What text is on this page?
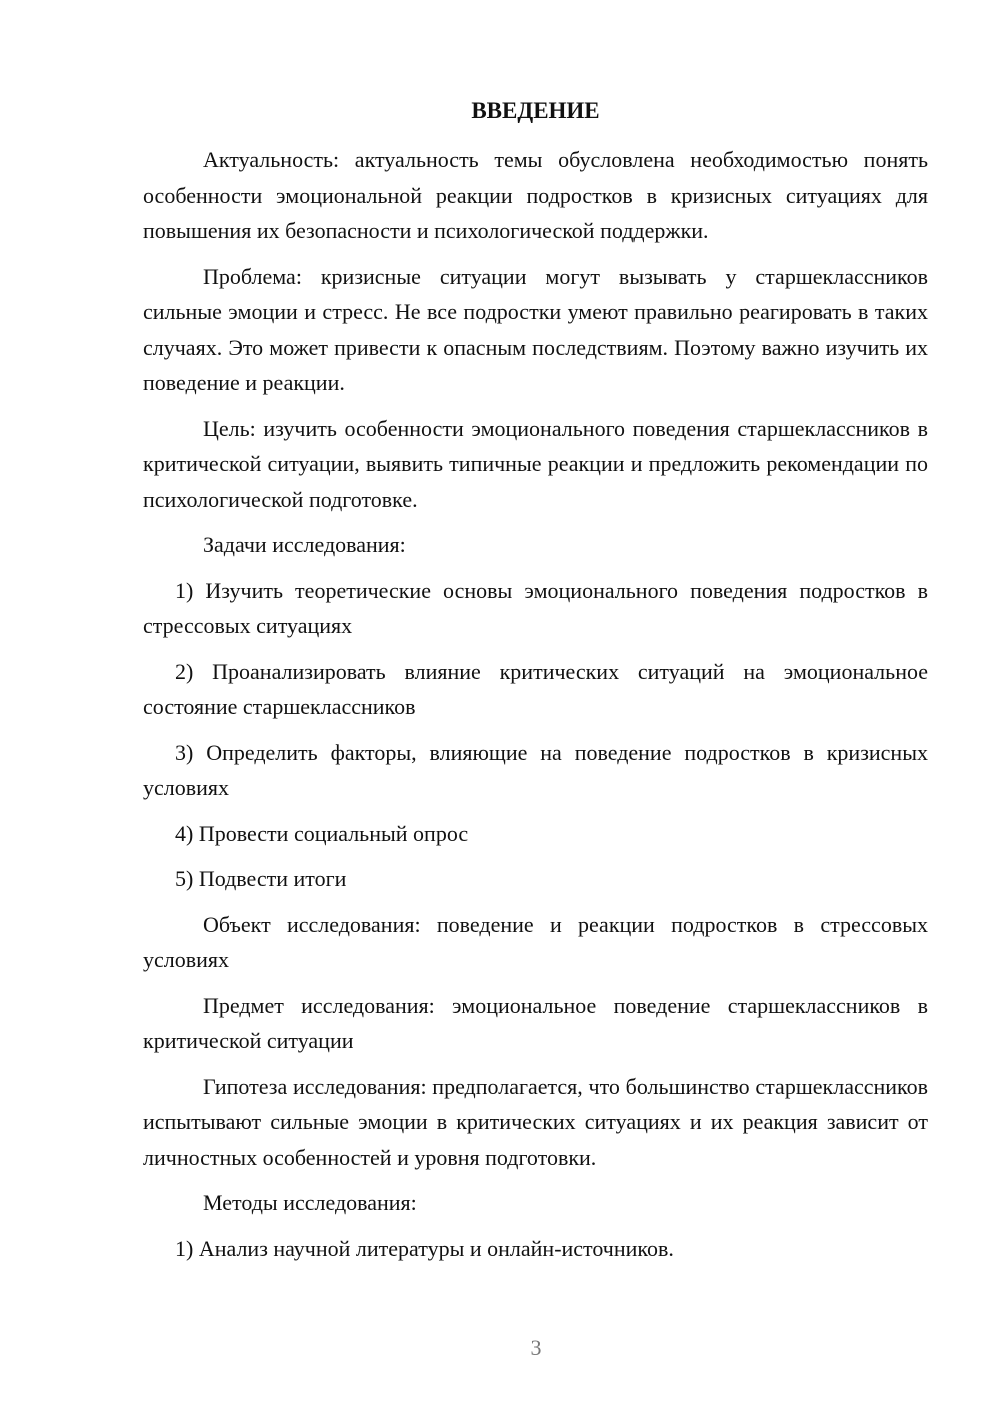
ВВЕДЕНИЕ

Актуальность: актуальность темы обусловлена необходимостью понять особенности эмоциональной реакции подростков в кризисных ситуациях для повышения их безопасности и психологической поддержки.

Проблема: кризисные ситуации могут вызывать у старшеклассников сильные эмоции и стресс. Не все подростки умеют правильно реагировать в таких случаях. Это может привести к опасным последствиям. Поэтому важно изучить их поведение и реакции.

Цель: изучить особенности эмоционального поведения старшеклассников в критической ситуации, выявить типичные реакции и предложить рекомендации по психологической подготовке.

Задачи исследования:

1) Изучить теоретические основы эмоционального поведения подростков в стрессовых ситуациях

2) Проанализировать влияние критических ситуаций на эмоциональное состояние старшеклассников

3) Определить факторы, влияющие на поведение подростков в кризисных условиях

4) Провести социальный опрос

5) Подвести итоги

Объект исследования: поведение и реакции подростков в стрессовых условиях

Предмет исследования: эмоциональное поведение старшеклассников в критической ситуации

Гипотеза исследования: предполагается, что большинство старшеклассников испытывают сильные эмоции в критических ситуациях и их реакция зависит от личностных особенностей и уровня подготовки.

Методы исследования:

1) Анализ научной литературы и онлайн-источников.

3
